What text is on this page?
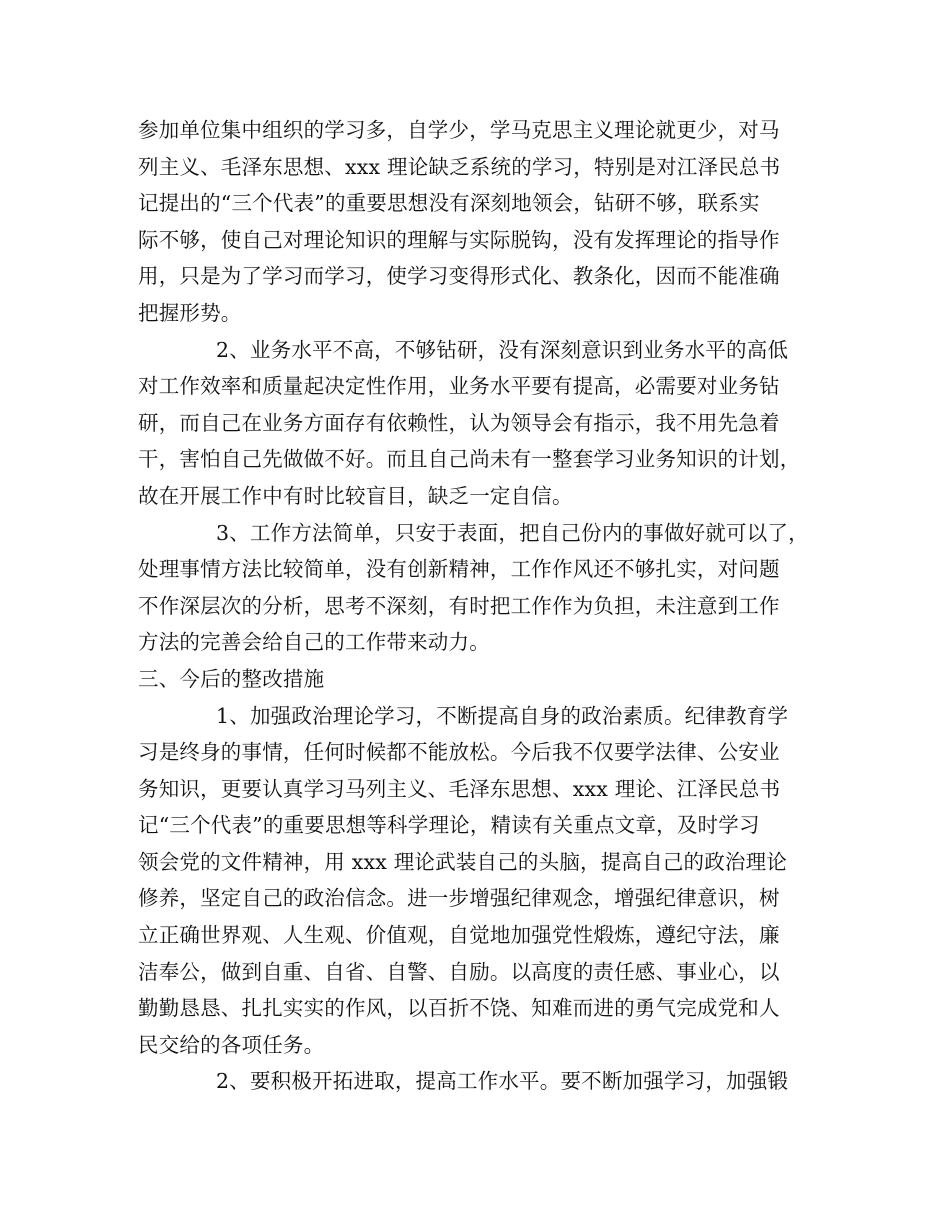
参加单位集中组织的学习多，自学少，学马克思主义理论就更少，对马
列主义、毛泽东思想、xxx 理论缺乏系统的学习，特别是对江泽民总书
记提出的“三个代表”的重要思想没有深刻地领会，钻研不够，联系实
际不够，使自己对理论知识的理解与实际脱钩，没有发挥理论的指导作
用，只是为了学习而学习，使学习变得形式化、教条化，因而不能准确
把握形势。
2、业务水平不高，不够钻研，没有深刻意识到业务水平的高低
对工作效率和质量起决定性作用，业务水平要有提高，必需要对业务钻
研，而自己在业务方面存有依赖性，认为领导会有指示，我不用先急着
干，害怕自己先做做不好。而且自己尚未有一整套学习业务知识的计划，
故在开展工作中有时比较盲目，缺乏一定自信。
3、工作方法简单，只安于表面，把自己份内的事做好就可以了，
处理事情方法比较简单，没有创新精神，工作作风还不够扎实，对问题
不作深层次的分析，思考不深刻，有时把工作作为负担，未注意到工作
方法的完善会给自己的工作带来动力。
三、今后的整改措施
1、加强政治理论学习，不断提高自身的政治素质。纪律教育学
习是终身的事情，任何时候都不能放松。今后我不仅要学法律、公安业
务知识，更要认真学习马列主义、毛泽东思想、xxx 理论、江泽民总书
记“三个代表”的重要思想等科学理论，精读有关重点文章，及时学习
领会党的文件精神，用 xxx 理论武装自己的头脑，提高自己的政治理论
修养，坚定自己的政治信念。进一步增强纪律观念，增强纪律意识，树
立正确世界观、人生观、价值观，自觉地加强党性煅炼，遵纪守法，廉
洁奉公，做到自重、自省、自警、自励。以高度的责任感、事业心，以
勤勤恳恳、扎扎实实的作风，以百折不饶、知难而进的勇气完成党和人
民交给的各项任务。
2、要积极开拓进取，提高工作水平。要不断加强学习，加强锻
